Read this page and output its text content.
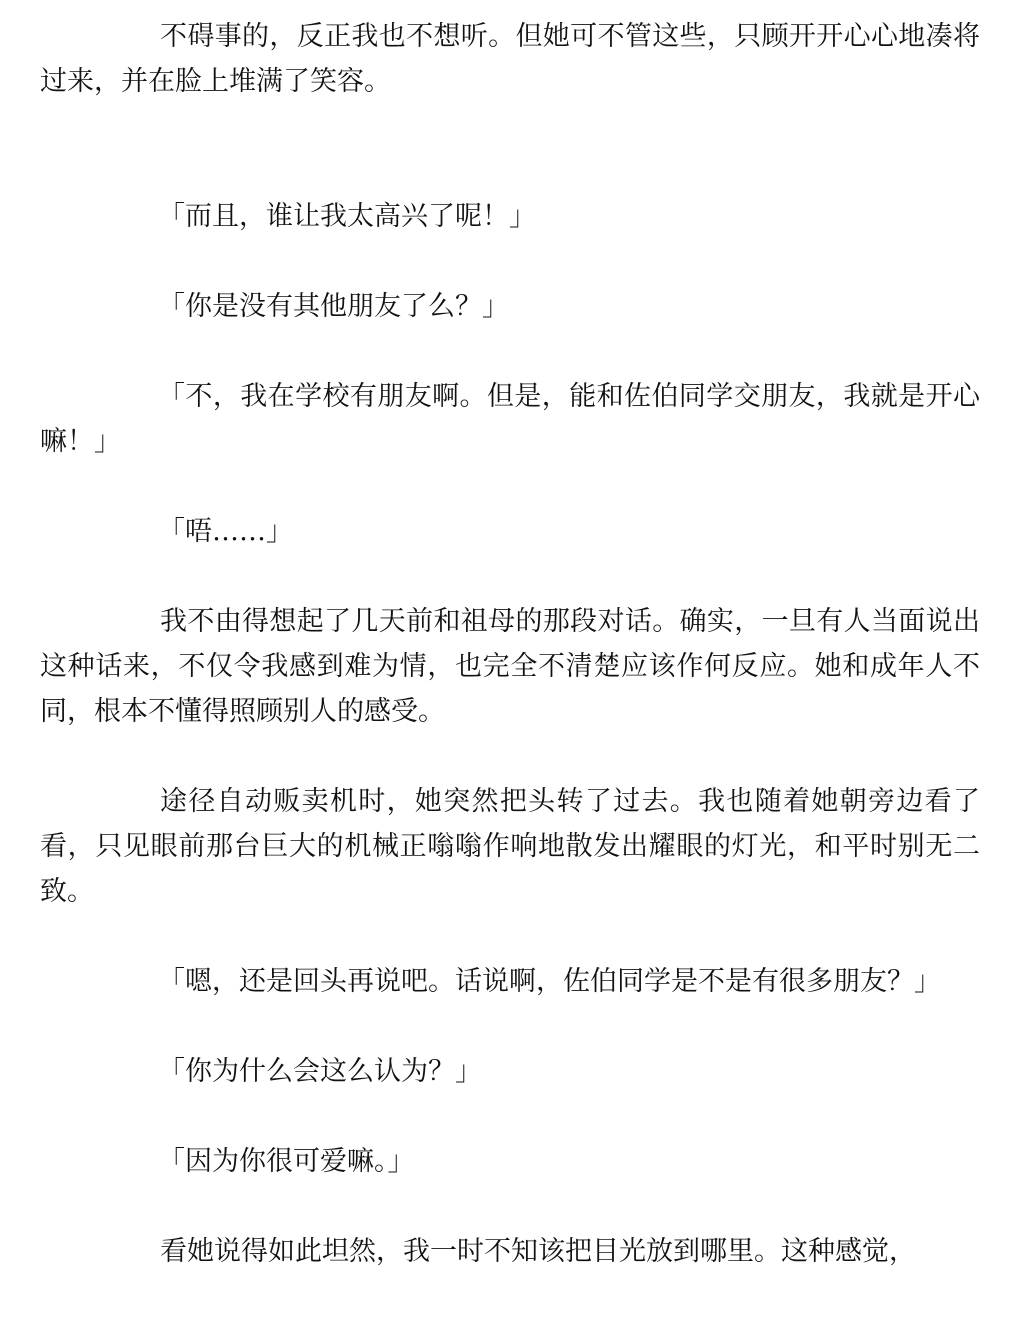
不碍事的，反正我也不想听。但她可不管这些，只顾开开心心地凑将过来，并在脸上堆满了笑容。

「而且，谁让我太高兴了呢！」

「你是没有其他朋友了么？」

「不，我在学校有朋友啊。但是，能和佐伯同学交朋友，我就是开心嘛！」

「唔……」

我不由得想起了几天前和祖母的那段对话。确实，一旦有人当面说出这种话来，不仅令我感到难为情，也完全不清楚应该作何反应。她和成年人不同，根本不懂得照顾别人的感受。

途径自动贩卖机时，她突然把头转了过去。我也随着她朝旁边看了看，只见眼前那台巨大的机械正嗡嗡作响地散发出耀眼的灯光，和平时别无二致。

「嗯，还是回头再说吧。话说啊，佐伯同学是不是有很多朋友？」

「你为什么会这么认为？」

「因为你很可爱嘛。」

看她说得如此坦然，我一时不知该把目光放到哪里。这种感觉，
